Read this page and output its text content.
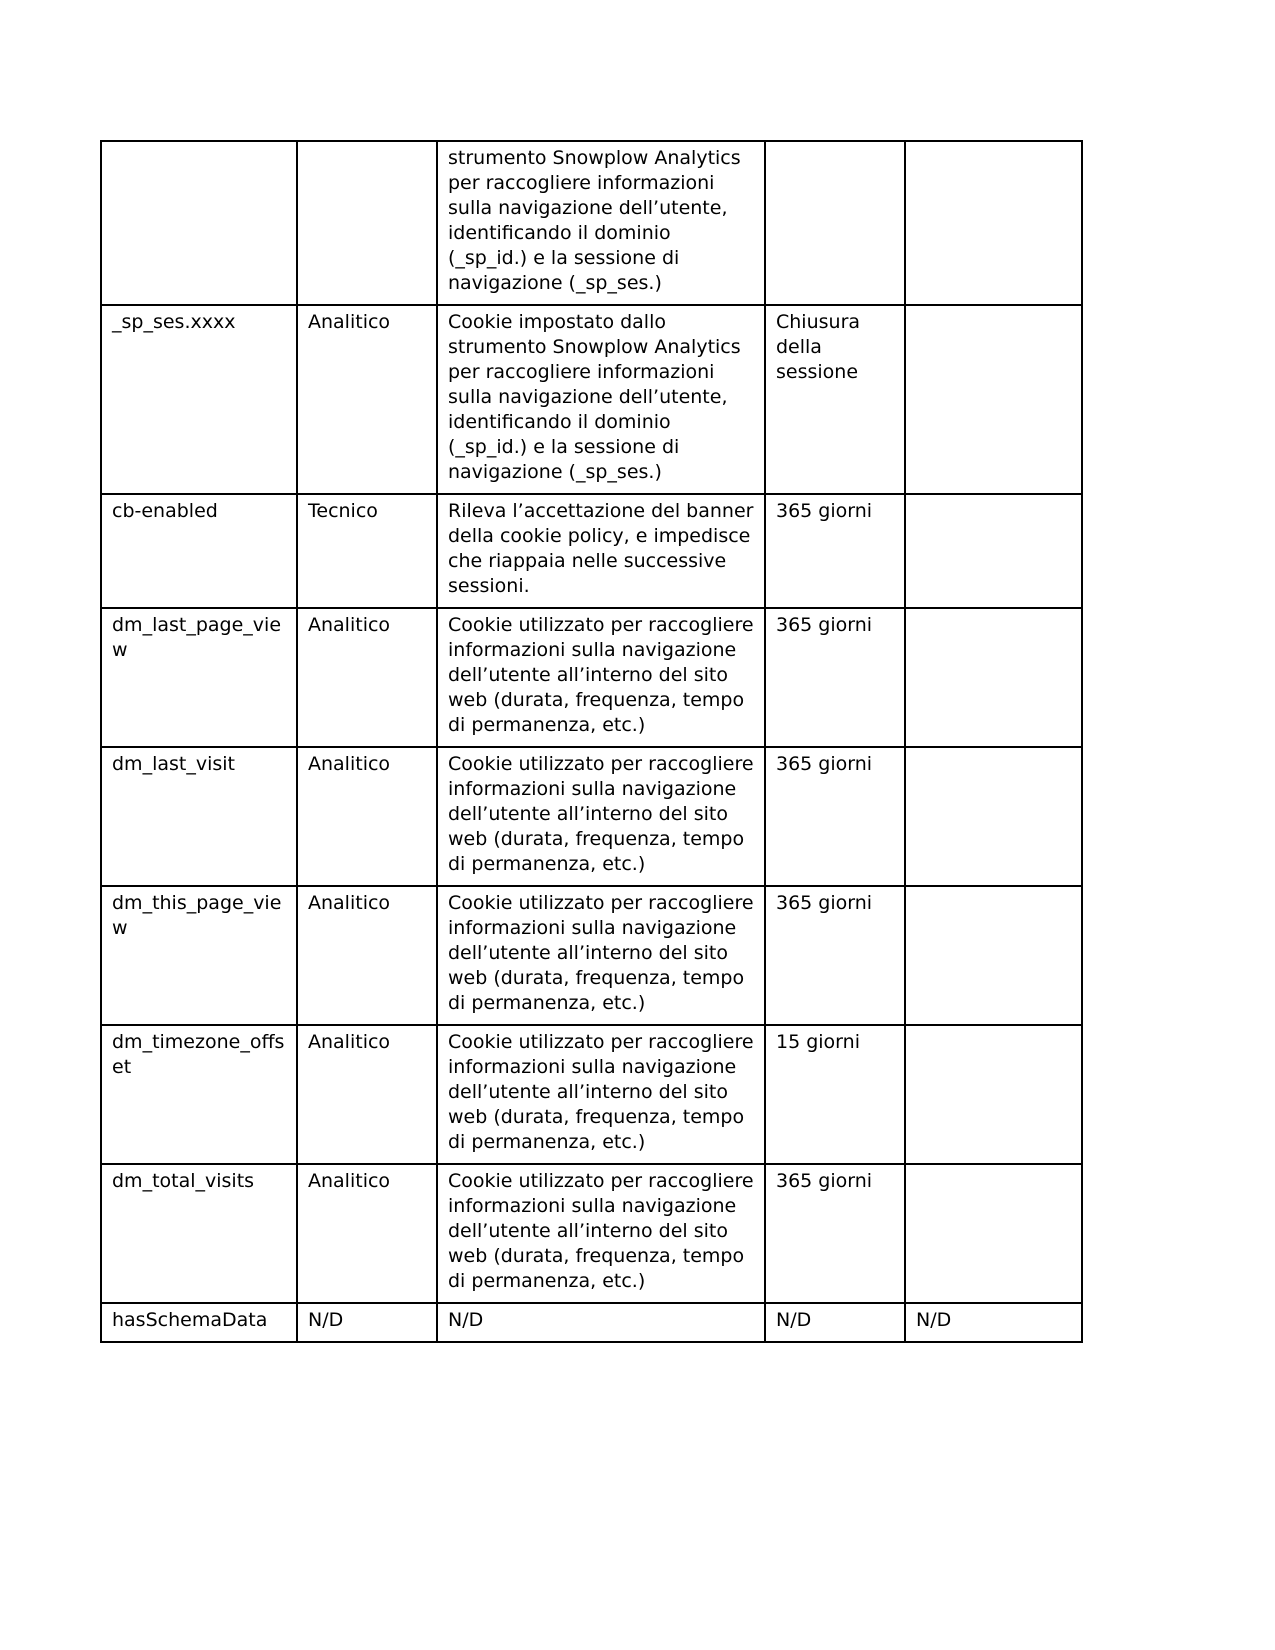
		strumento Snowplow Analytics per raccogliere informazioni sulla navigazione dell’utente, identificando il dominio (_sp_id.) e la sessione di navigazione (_sp_ses.)		
_sp_ses.xxxx	Analitico	Cookie impostato dallo strumento Snowplow Analytics per raccogliere informazioni sulla navigazione dell’utente, identificando il dominio (_sp_id.) e la sessione di navigazione (_sp_ses.)	Chiusura della sessione	
cb-enabled	Tecnico	Rileva l’accettazione del banner della cookie policy, e impedisce che riappaia nelle successive sessioni.	365 giorni	
dm_last_page_view	Analitico	Cookie utilizzato per raccogliere informazioni sulla navigazione dell’utente all’interno del sito web (durata, frequenza, tempo di permanenza, etc.)	365 giorni	
dm_last_visit	Analitico	Cookie utilizzato per raccogliere informazioni sulla navigazione dell’utente all’interno del sito web (durata, frequenza, tempo di permanenza, etc.)	365 giorni	
dm_this_page_view	Analitico	Cookie utilizzato per raccogliere informazioni sulla navigazione dell’utente all’interno del sito web (durata, frequenza, tempo di permanenza, etc.)	365 giorni	
dm_timezone_offset	Analitico	Cookie utilizzato per raccogliere informazioni sulla navigazione dell’utente all’interno del sito web (durata, frequenza, tempo di permanenza, etc.)	15 giorni	
dm_total_visits	Analitico	Cookie utilizzato per raccogliere informazioni sulla navigazione dell’utente all’interno del sito web (durata, frequenza, tempo di permanenza, etc.)	365 giorni	
hasSchemaData	N/D	N/D	N/D	N/D
